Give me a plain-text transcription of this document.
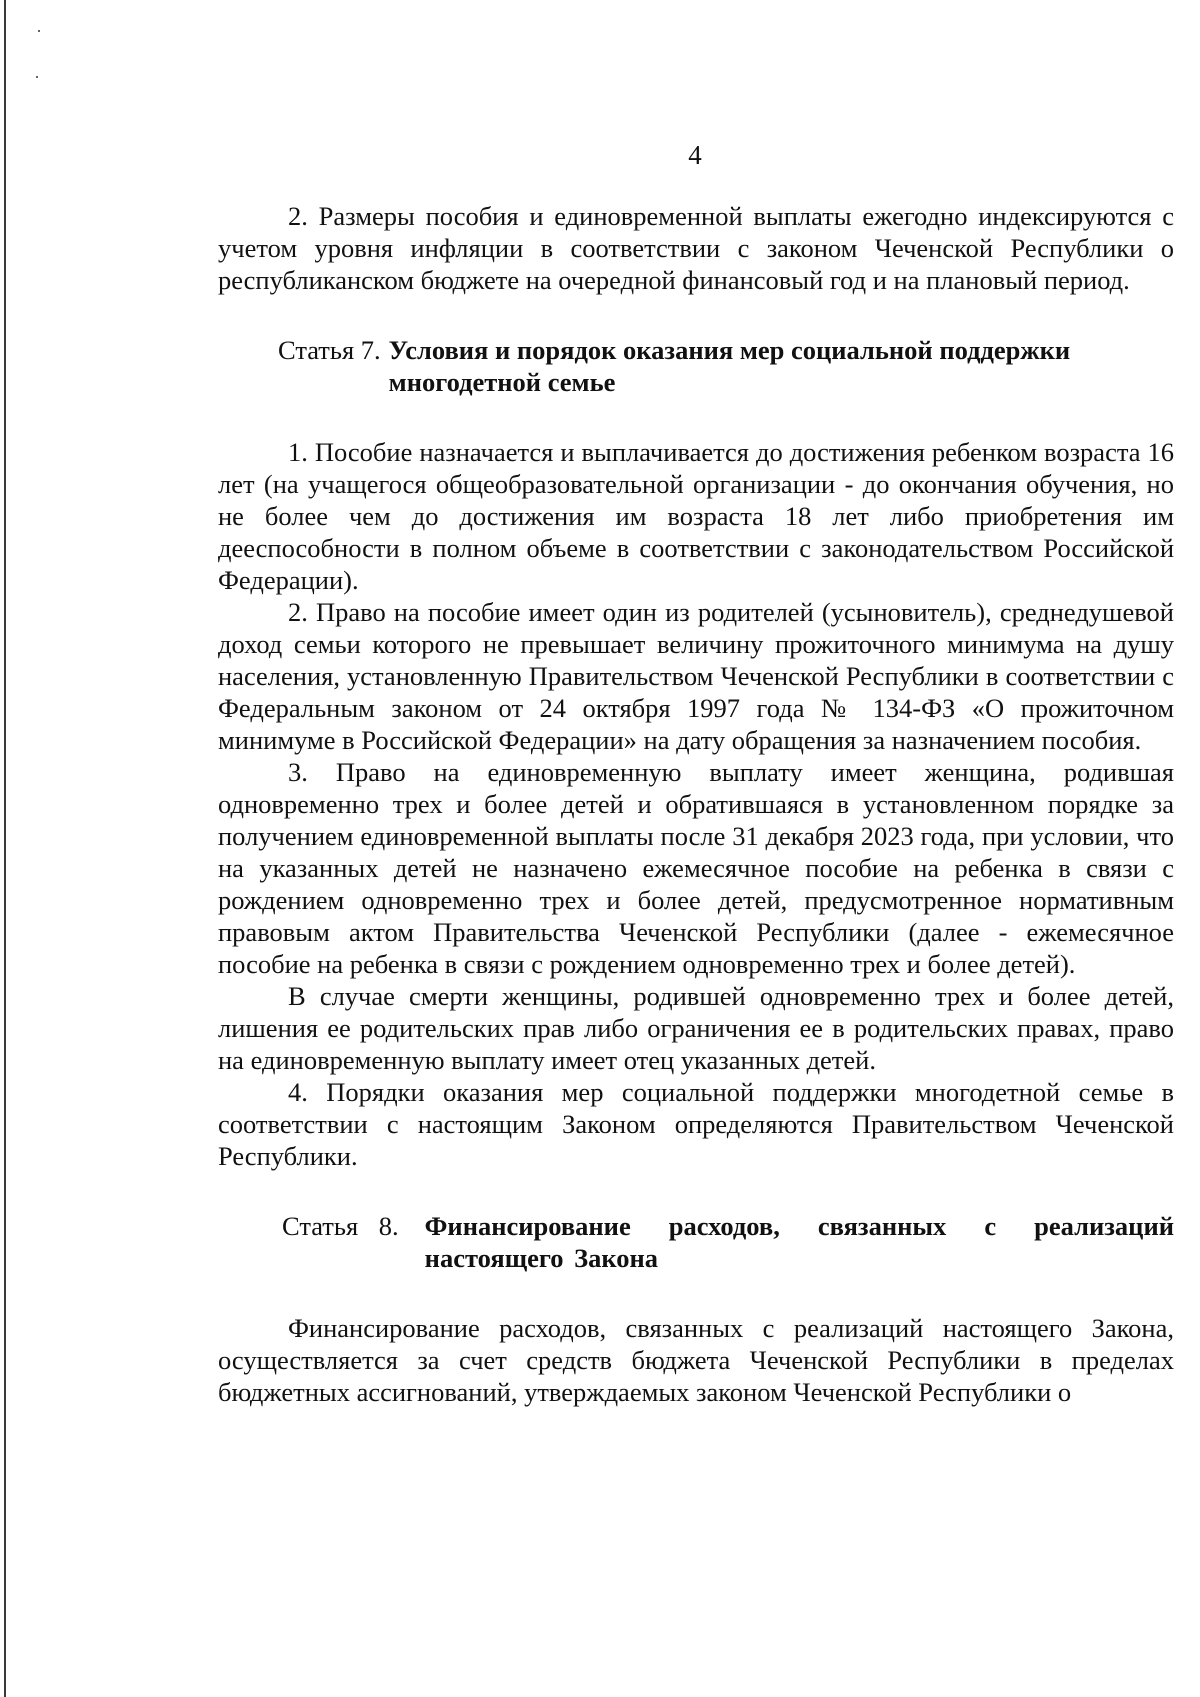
4

2. Размеры пособия и единовременной выплаты ежегодно индексируются с учетом уровня инфляции в соответствии с законом Чеченской Республики о республиканском бюджете на очередной финансовый год и на плановый период.

Статья 7. Условия и порядок оказания мер социальной поддержки многодетной семье

1. Пособие назначается и выплачивается до достижения ребенком возраста 16 лет (на учащегося общеобразовательной организации - до окончания обучения, но не более чем до достижения им возраста 18 лет либо приобретения им дееспособности в полном объеме в соответствии с законодательством Российской Федерации).

2. Право на пособие имеет один из родителей (усыновитель), среднедушевой доход семьи которого не превышает величину прожиточного минимума на душу населения, установленную Правительством Чеченской Республики в соответствии с Федеральным законом от 24 октября 1997 года № 134-ФЗ «О прожиточном минимуме в Российской Федерации» на дату обращения за назначением пособия.

3. Право на единовременную выплату имеет женщина, родившая одновременно трех и более детей и обратившаяся в установленном порядке за получением единовременной выплаты после 31 декабря 2023 года, при условии, что на указанных детей не назначено ежемесячное пособие на ребенка в связи с рождением одновременно трех и более детей, предусмотренное нормативным правовым актом Правительства Чеченской Республики (далее - ежемесячное пособие на ребенка в связи с рождением одновременно трех и более детей).

В случае смерти женщины, родившей одновременно трех и более детей, лишения ее родительских прав либо ограничения ее в родительских правах, право на единовременную выплату имеет отец указанных детей.

4. Порядки оказания мер социальной поддержки многодетной семье в соответствии с настоящим Законом определяются Правительством Чеченской Республики.

Статья 8. Финансирование расходов, связанных с реализаций настоящего Закона

Финансирование расходов, связанных с реализаций настоящего Закона, осуществляется за счет средств бюджета Чеченской Республики в пределах бюджетных ассигнований, утверждаемых законом Чеченской Республики о
